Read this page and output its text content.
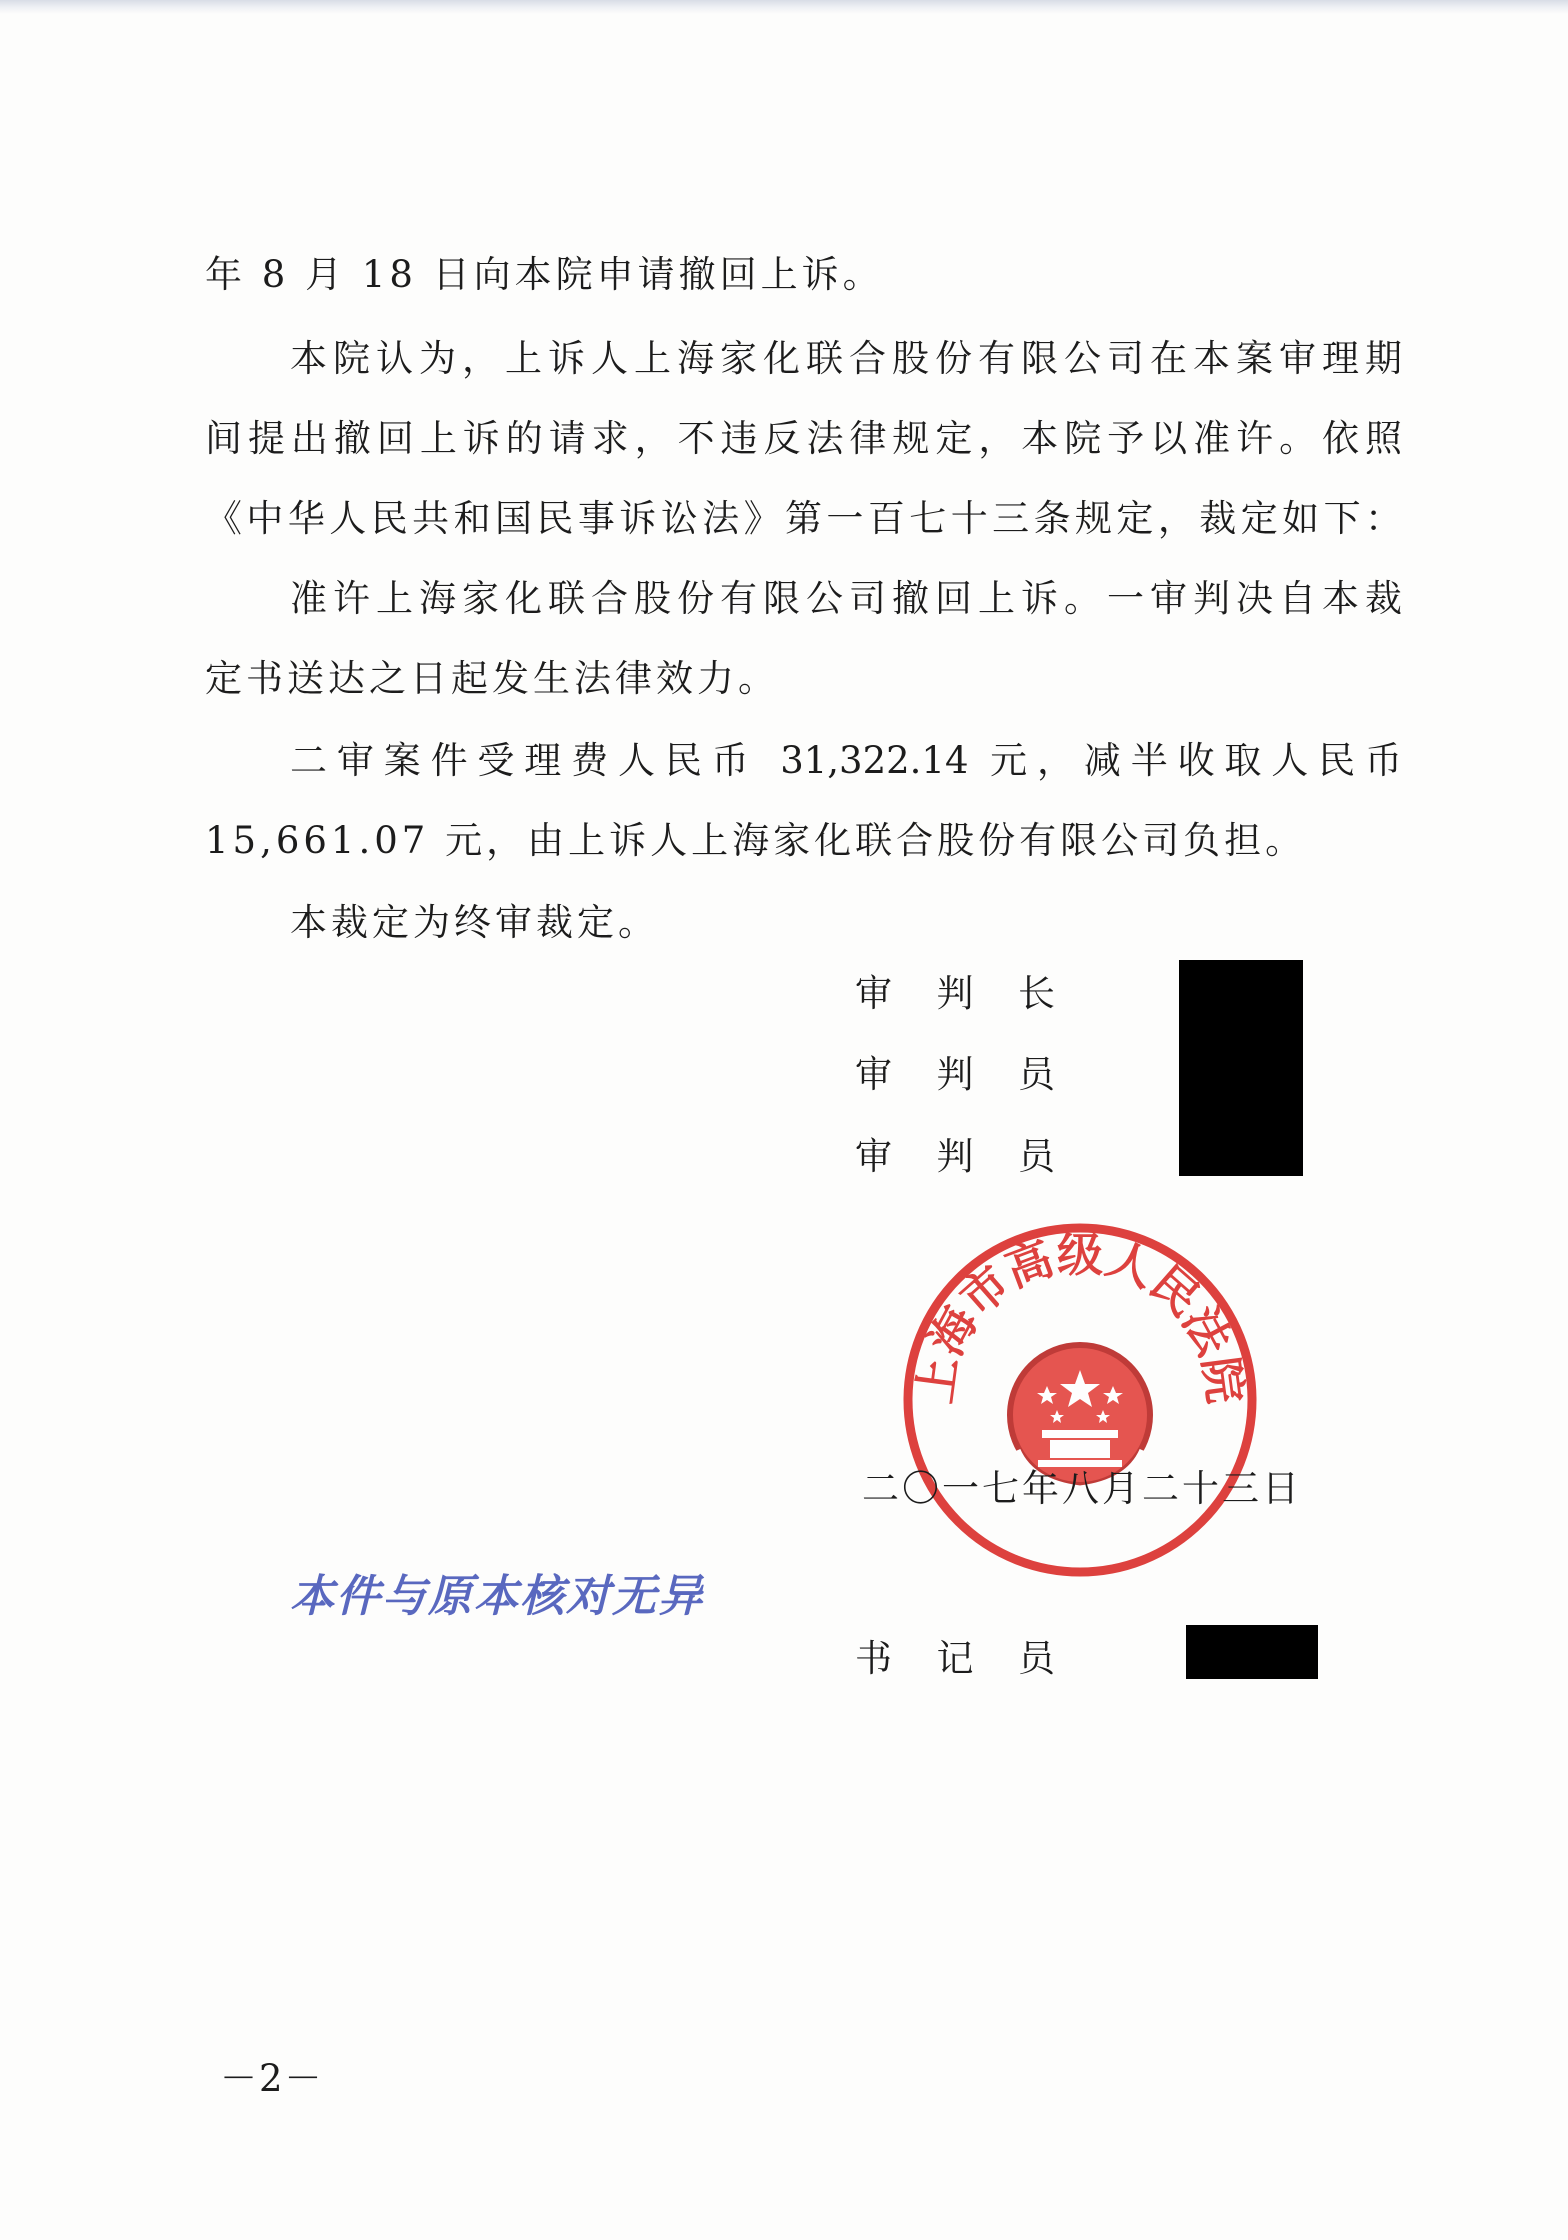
年 8 月 18 日向本院申请撤回上诉。
本院认为，上诉人上海家化联合股份有限公司在本案审理期
间提出撤回上诉的请求，不违反法律规定，本院予以准许。依照
《中华人民共和国民事诉讼法》第一百七十三条规定，裁定如下：
准许上海家化联合股份有限公司撤回上诉。一审判决自本裁
定书送达之日起发生法律效力。
二审案件受理费人民币 31,322.14 元，减半收取人民币
15,661.07 元，由上诉人上海家化联合股份有限公司负担。
本裁定为终审裁定。
审 判 长
审 判 员
审 判 员
上海市高级人民法院
二〇一七年八月二十三日
本件与原本核对无异
书 记 员
－2－
